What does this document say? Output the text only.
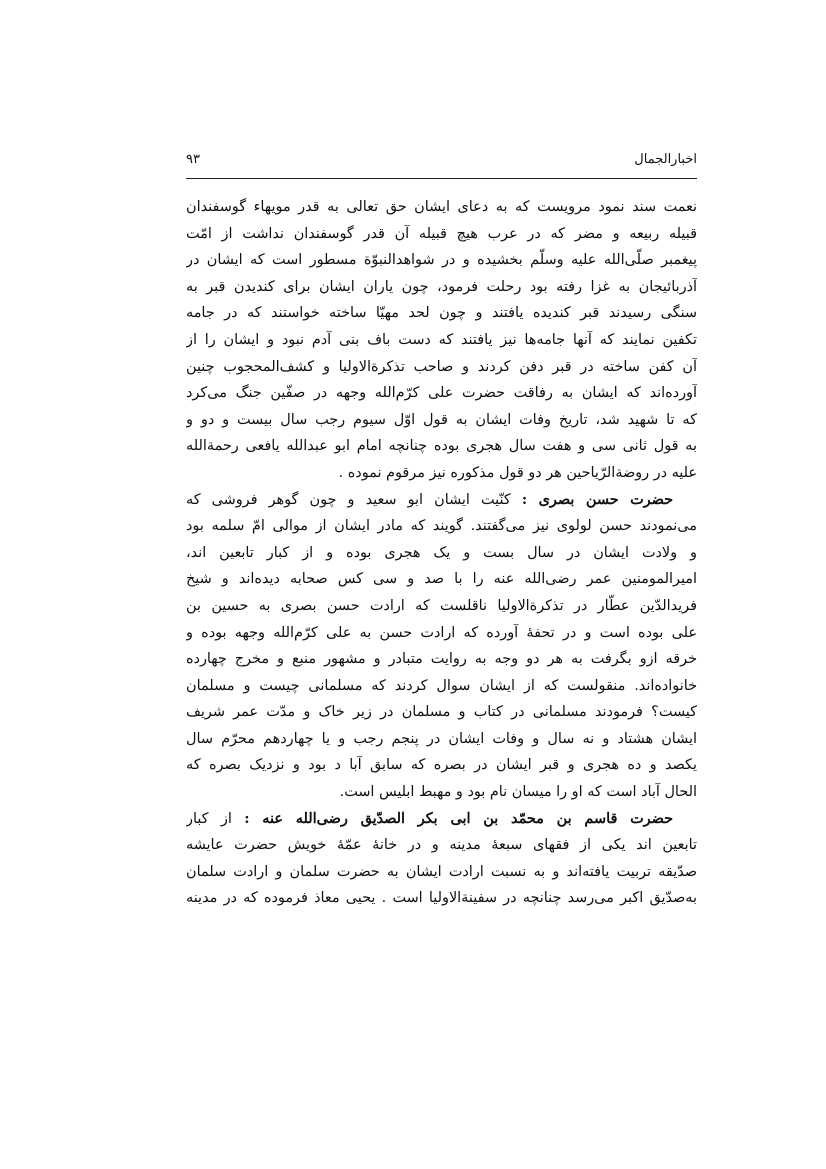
اخبارالجمال
۹۳
نعمت سند نمود مرویست که به دعای ایشان حق تعالی به قدر مویهاء گوسفندان
قبیله ربیعه و مضر که در عرب هیچ قبیله آن قدر گوسفندان نداشت از امّت
پیغمبر صلّی‌الله علیه وسلّم بخشیده و در شواهدالنبوّة مسطور است که ایشان در
آذربائیجان به غزا رفته بود رحلت فرمود، چون یاران ایشان برای کندیدن قبر به
سنگی رسیدند قبر کندیده یافتند و چون لحد مهیّا ساخته خواستند که در جامه
تکفین نمایند که آنها جامه‌ها نیز یافتند که دست باف بنی آدم نبود و ایشان را از
آن کفن ساخته در قبر دفن کردند و صاحب تذکرةالاولیا و کشف‌المحجوب چنین
آورده‌اند که ایشان به رفاقت حضرت علی کرّم‌الله وجهه در صفّین جنگ می‌کرد
که تا شهید شد، تاریخ وفات ایشان به قول اوّل سیوم رجب سال بیست و دو و
به قول ثانی سی و هفت سال هجری بوده چنانچه امام ابو عبدالله یافعی رحمةالله
علیه در روضةالرّیاحین هر دو قول مذکوره نیز مرقوم نموده .
حضرت حسن بصری : کنّیت ایشان ابو سعید و چون گوهر فروشی که
می‌نمودند حسن لولوی نیز می‌گفتند. گویند که مادر ایشان از موالی امّ سلمه بود
و ولادت ایشان در سال بست و یک هجری بوده و از کبار تابعین اند،
امیرالمومنین عمر رضی‌الله عنه را با صد و سی کس صحابه دیده‌اند و شیخ
فریدالدّین عطّار در تذکرةالاولیا ناقلست که ارادت حسن بصری به حسین بن
علی بوده است و در تحفهٔ آورده که ارادت حسن به علی کرّم‌الله وجهه بوده و
خرقه ازو بگرفت به هر دو وجه به روایت متبادر و مشهور منبع و مخرج چهارده
خانواده‌اند. منقولست که از ایشان سوال کردند که مسلمانی چیست و مسلمان
کیست؟ فرمودند مسلمانی در کتاب و مسلمان در زیر خاک و مدّت عمر شریف
ایشان هشتاد و نه سال و وفات ایشان در پنجم رجب و یا چهاردهم محرّم سال
یکصد و ده هجری و قبر ایشان در بصره که سابق آبا د بود و نزدیک بصره که
الحال آباد است که او را میسان نام بود و مهبط ابلیس است.
حضرت قاسم بن محمّد بن ابی بکر الصدّیق رضی‌الله عنه : از کبار
تابعین اند یکی از فقهای سبعهٔ مدینه و در خانهٔ عمّهٔ خویش حضرت عایشه
صدّیقه تربیت یافته‌اند و به نسبت ارادت ایشان به حضرت سلمان و ارادت سلمان
به‌صدّیق اکبر می‌رسد چنانچه در سفینةالاولیا است . یحیی معاذ فرموده که در مدینه
